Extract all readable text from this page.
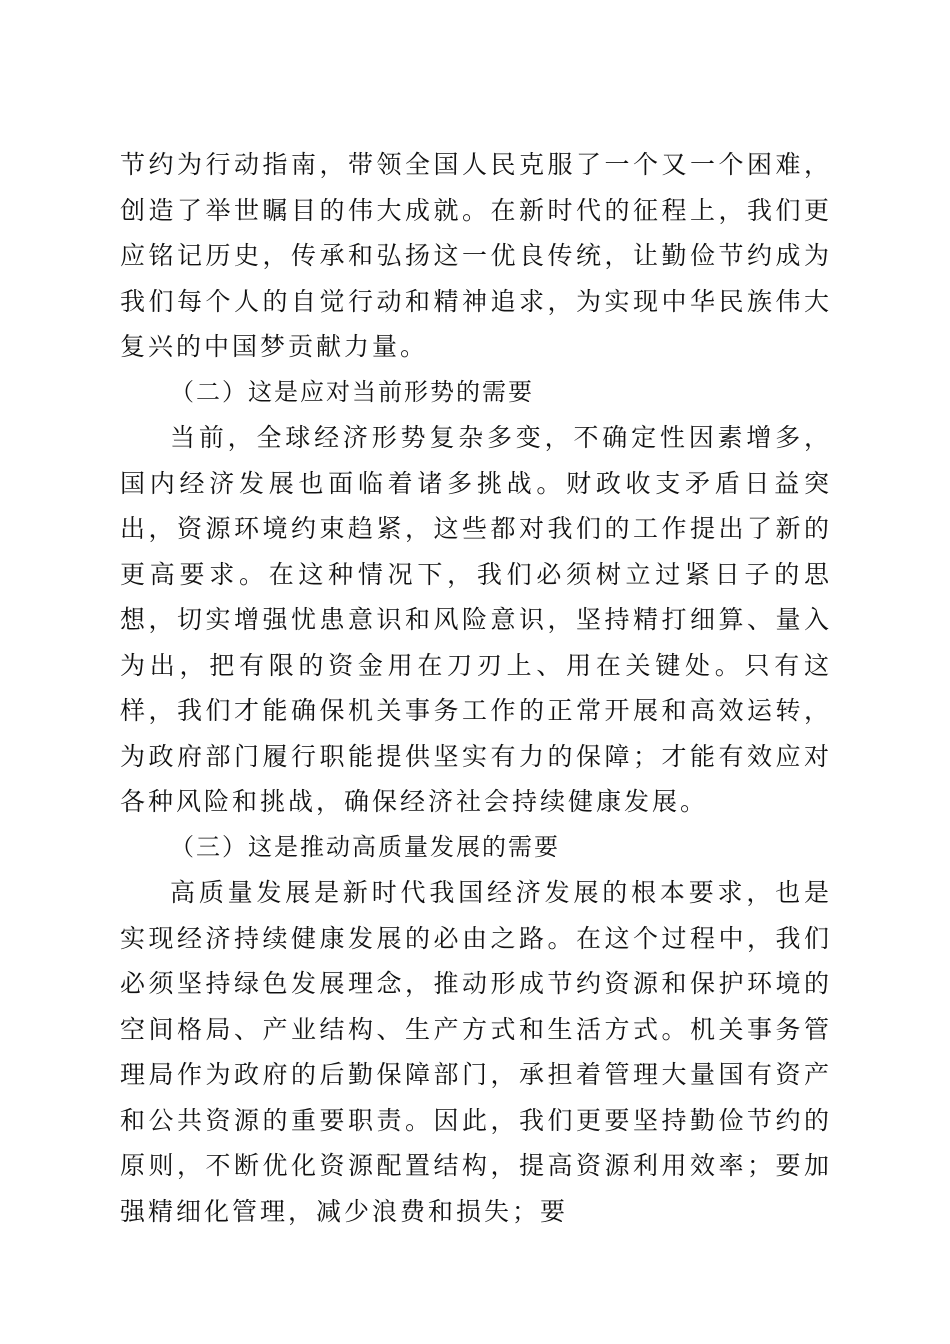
节约为行动指南，带领全国人民克服了一个又一个困难，创造了举世瞩目的伟大成就。在新时代的征程上，我们更应铭记历史，传承和弘扬这一优良传统，让勤俭节约成为我们每个人的自觉行动和精神追求，为实现中华民族伟大复兴的中国梦贡献力量。

（二）这是应对当前形势的需要

当前，全球经济形势复杂多变，不确定性因素增多，国内经济发展也面临着诸多挑战。财政收支矛盾日益突出，资源环境约束趋紧，这些都对我们的工作提出了新的更高要求。在这种情况下，我们必须树立过紧日子的思想，切实增强忧患意识和风险意识，坚持精打细算、量入为出，把有限的资金用在刀刃上、用在关键处。只有这样，我们才能确保机关事务工作的正常开展和高效运转，为政府部门履行职能提供坚实有力的保障；才能有效应对各种风险和挑战，确保经济社会持续健康发展。

（三）这是推动高质量发展的需要

高质量发展是新时代我国经济发展的根本要求，也是实现经济持续健康发展的必由之路。在这个过程中，我们必须坚持绿色发展理念，推动形成节约资源和保护环境的空间格局、产业结构、生产方式和生活方式。机关事务管理局作为政府的后勤保障部门，承担着管理大量国有资产和公共资源的重要职责。因此，我们更要坚持勤俭节约的原则，不断优化资源配置结构，提高资源利用效率；要加强精细化管理，减少浪费和损失；要
